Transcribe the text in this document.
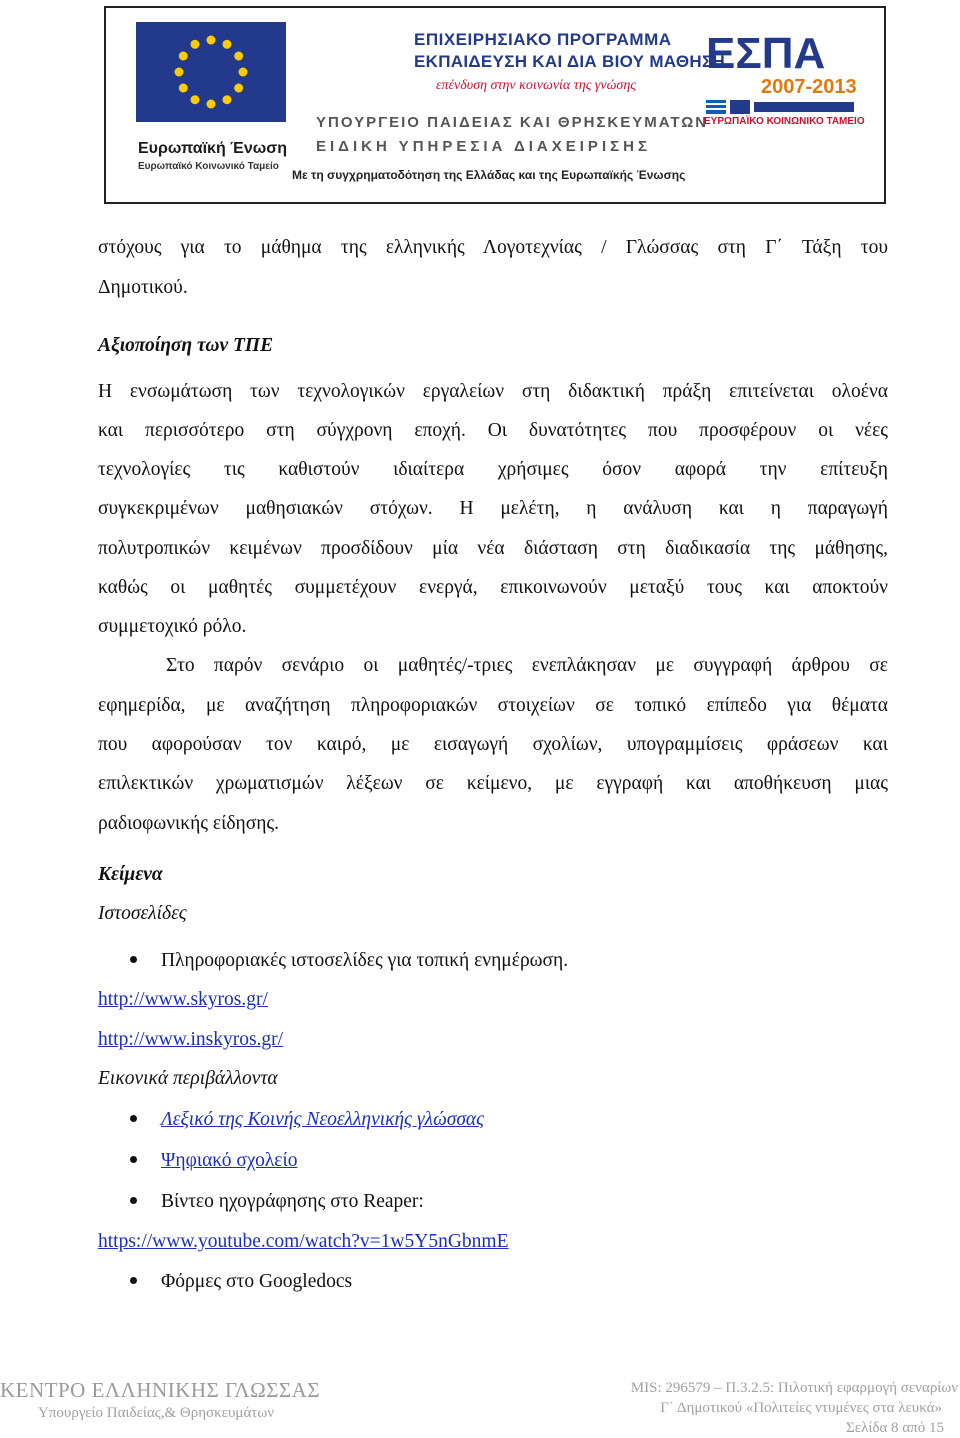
Ευρωπαϊκή Ένωση
Ευρωπαϊκό Κοινωνικό Ταμείο
ΕΠΙΧΕΙΡΗΣΙΑΚΟ ΠΡΟΓΡΑΜΜΑ
ΕΚΠΑΙΔΕΥΣΗ ΚΑΙ ΔΙΑ ΒΙΟΥ ΜΑΘΗΣΗ
επένδυση στην κοινωνία της γνώσης
ΥΠΟΥΡΓΕΙΟ ΠΑΙΔΕΙΑΣ ΚΑΙ ΘΡΗΣΚΕΥΜΑΤΩΝ
ΕΙΔΙΚΗ ΥΠΗΡΕΣΙΑ ΔΙΑΧΕΙΡΙΣΗΣ
Με τη συγχρηματοδότηση της Ελλάδας και της Ευρωπαϊκής Ένωσης
ΕΣΠΑ
2007-2013
ΕΥΡΩΠΑΪΚΟ ΚΟΙΝΩΝΙΚΟ ΤΑΜΕΙΟ
στόχους για το μάθημα της ελληνικής Λογοτεχνίας / Γλώσσας στη Γ΄ Τάξη του
Δημοτικού.
Αξιοποίηση των ΤΠΕ
Η ενσωμάτωση των τεχνολογικών εργαλείων στη διδακτική πράξη επιτείνεται ολοένα
και περισσότερο στη σύγχρονη εποχή. Οι δυνατότητες που προσφέρουν οι νέες
τεχνολογίες τις καθιστούν ιδιαίτερα χρήσιμες όσον αφορά την επίτευξη
συγκεκριμένων μαθησιακών στόχων. Η μελέτη, η ανάλυση και η παραγωγή
πολυτροπικών κειμένων προσδίδουν μία νέα διάσταση στη διαδικασία της μάθησης,
καθώς οι μαθητές συμμετέχουν ενεργά, επικοινωνούν μεταξύ τους και αποκτούν
συμμετοχικό ρόλο.
Στο παρόν σενάριο οι μαθητές/-τριες ενεπλάκησαν με συγγραφή άρθρου σε
εφημερίδα, με αναζήτηση πληροφοριακών στοιχείων σε τοπικό επίπεδο για θέματα
που αφορούσαν τον καιρό, με εισαγωγή σχολίων, υπογραμμίσεις φράσεων και
επιλεκτικών χρωματισμών λέξεων σε κείμενο, με εγγραφή και αποθήκευση μιας
ραδιοφωνικής είδησης.
Κείμενα
Ιστοσελίδες
Πληροφοριακές ιστοσελίδες για τοπική ενημέρωση.
http://www.skyros.gr/
http://www.inskyros.gr/
Εικονικά περιβάλλοντα
Λεξικό της Κοινής Νεοελληνικής γλώσσας
Ψηφιακό σχολείο
Βίντεο ηχογράφησης στο Reaper:
https://www.youtube.com/watch?v=1w5Y5nGbnmE
Φόρμες στο Googledocs
ΚΕΝΤΡΟ ΕΛΛΗΝΙΚΗΣ ΓΛΩΣΣΑΣ
Υπουργείο Παιδείας,& Θρησκευμάτων
MIS: 296579 – Π.3.2.5: Πιλοτική εφαρμογή σεναρίων
Γ΄ Δημοτικού «Πολιτείες ντυμένες στα λευκά»
Σελίδα 8 από 15
